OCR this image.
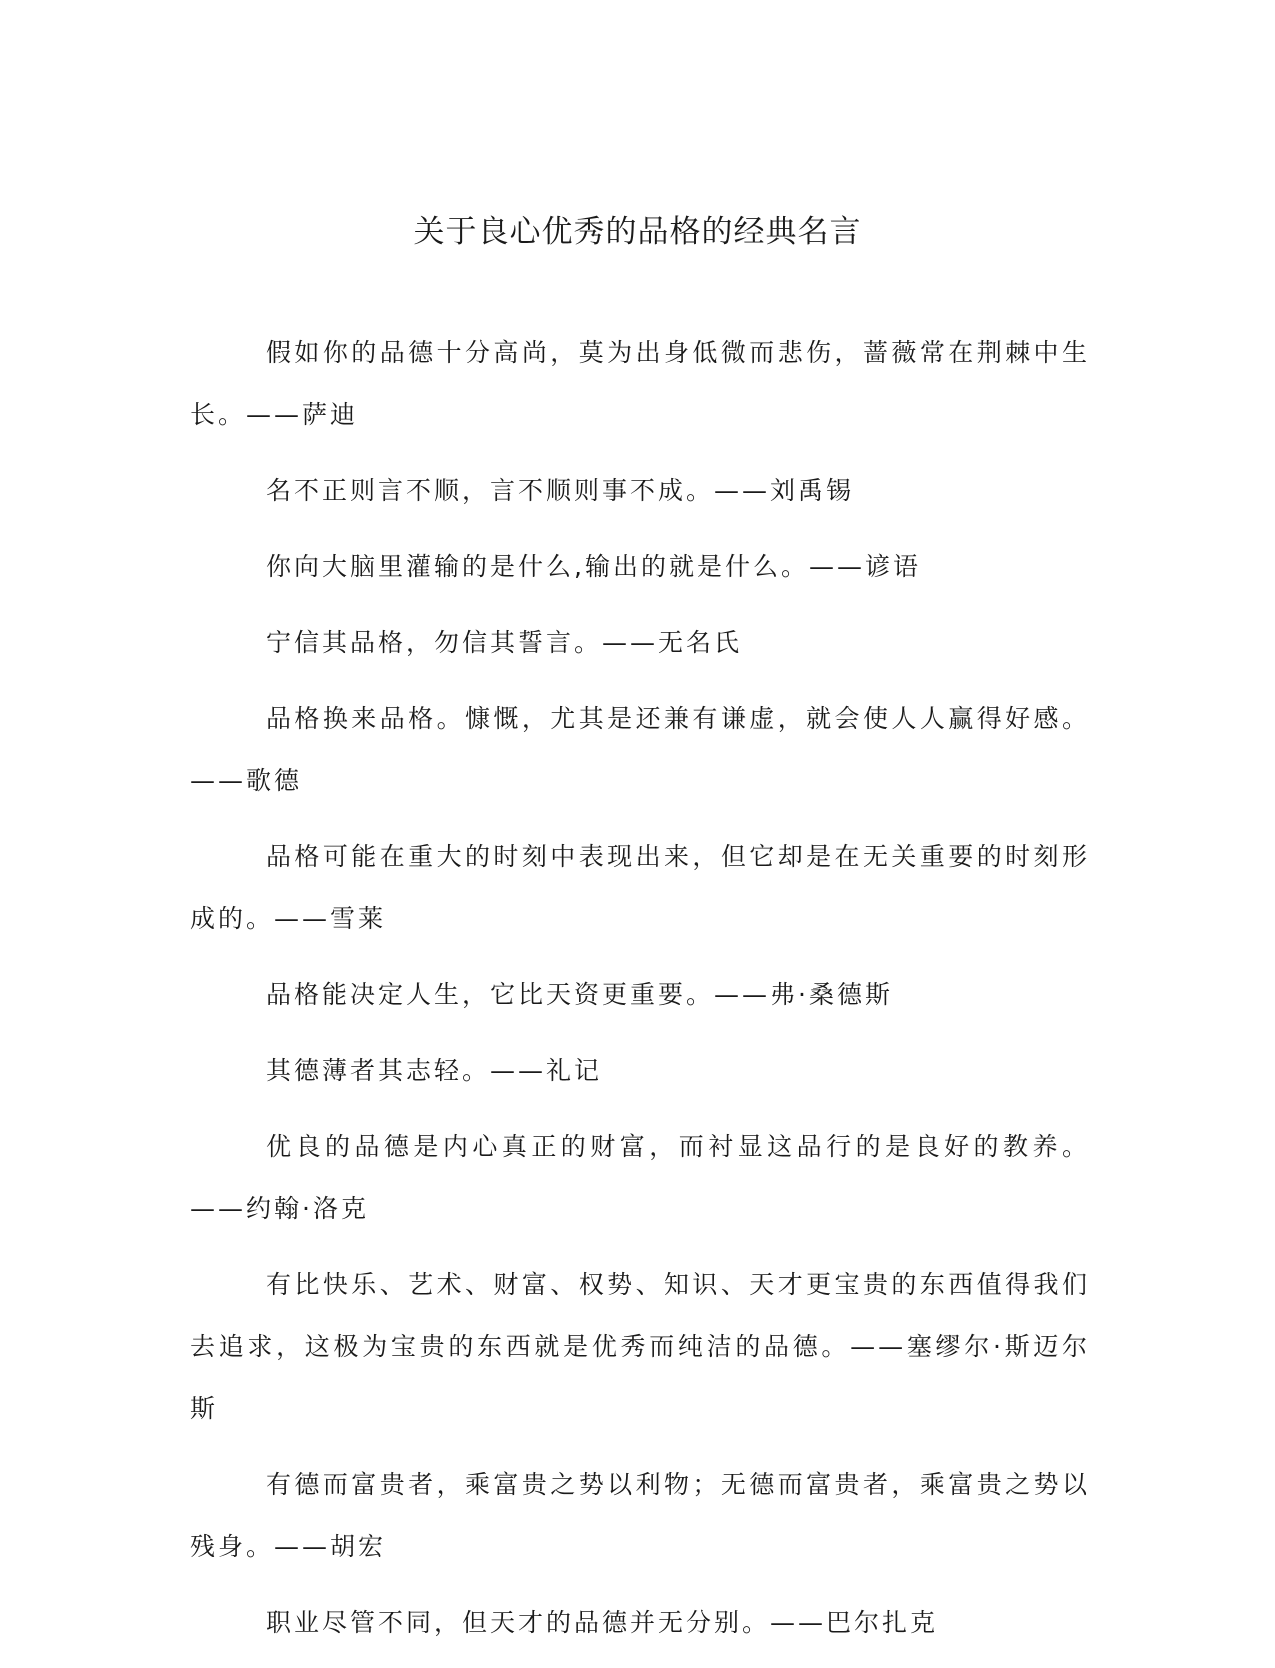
关于良心优秀的品格的经典名言

假如你的品德十分高尚，莫为出身低微而悲伤，蔷薇常在荆棘中生长。——萨迪

名不正则言不顺，言不顺则事不成。——刘禹锡

你向大脑里灌输的是什么,输出的就是什么。——谚语

宁信其品格，勿信其誓言。——无名氏

品格换来品格。慷慨，尤其是还兼有谦虚，就会使人人赢得好感。——歌德

品格可能在重大的时刻中表现出来，但它却是在无关重要的时刻形成的。——雪莱

品格能决定人生，它比天资更重要。——弗·桑德斯

其德薄者其志轻。——礼记

优良的品德是内心真正的财富，而衬显这品行的是良好的教养。——约翰·洛克

有比快乐、艺术、财富、权势、知识、天才更宝贵的东西值得我们去追求，这极为宝贵的东西就是优秀而纯洁的品德。——塞缪尔·斯迈尔斯

有德而富贵者，乘富贵之势以利物；无德而富贵者，乘富贵之势以残身。——胡宏

职业尽管不同，但天才的品德并无分别。——巴尔扎克
